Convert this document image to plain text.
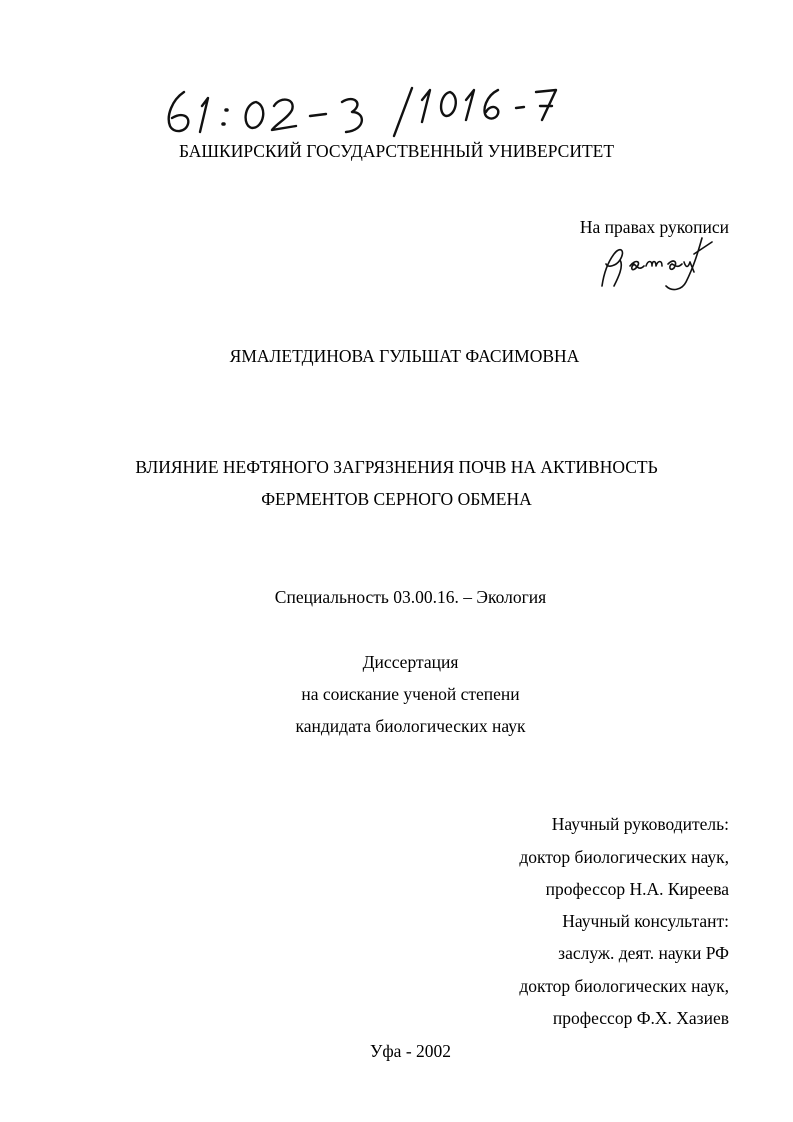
БАШКИРСКИЙ ГОСУДАРСТВЕННЫЙ УНИВЕРСИТЕТ
На правах рукописи
ЯМАЛЕТДИНОВА ГУЛЬШАТ ФАСИМОВНА
ВЛИЯНИЕ НЕФТЯНОГО ЗАГРЯЗНЕНИЯ ПОЧВ НА АКТИВНОСТЬ
ФЕРМЕНТОВ СЕРНОГО ОБМЕНА
Специальность 03.00.16. – Экология
Диссертация
на соискание ученой степени
кандидата биологических наук
Научный руководитель:
доктор биологических наук,
профессор Н.А. Киреева
Научный консультант:
заслуж. деят. науки РФ
доктор биологических наук,
профессор Ф.Х. Хазиев
Уфа - 2002
